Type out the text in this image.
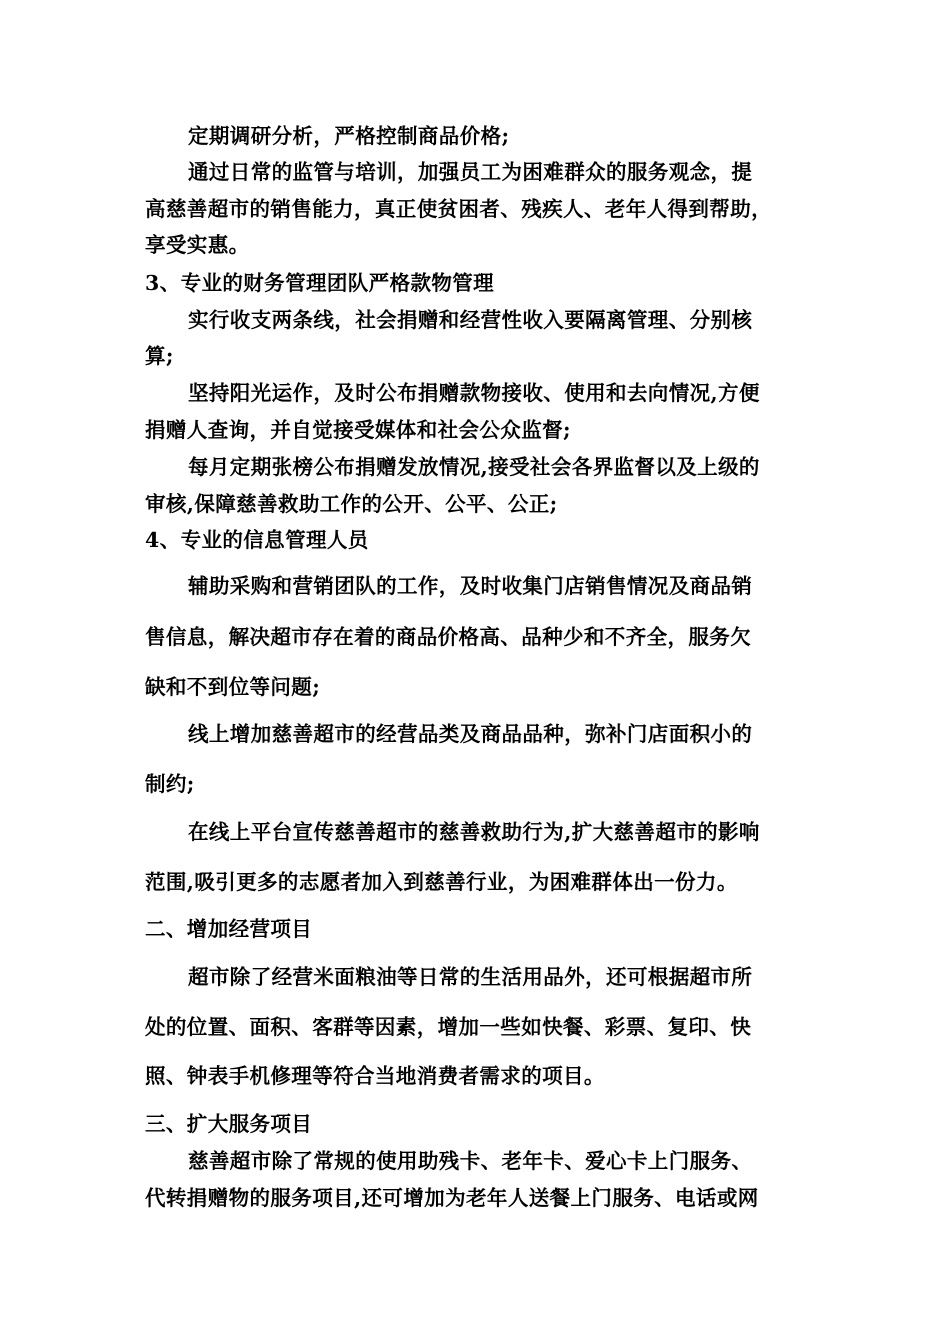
定期调研分析，严格控制商品价格;

通过日常的监管与培训，加强员工为困难群众的服务观念，提

高慈善超市的销售能力，真正使贫困者、残疾人、老年人得到帮助，

享受实惠。

3、专业的财务管理团队严格款物管理

实行收支两条线，社会捐赠和经营性收入要隔离管理、分别核

算;

坚持阳光运作，及时公布捐赠款物接收、使用和去向情况,方便

捐赠人查询，并自觉接受媒体和社会公众监督;

每月定期张榜公布捐赠发放情况,接受社会各界监督以及上级的

审核,保障慈善救助工作的公开、公平、公正;

4、专业的信息管理人员

辅助采购和营销团队的工作，及时收集门店销售情况及商品销

售信息，解决超市存在着的商品价格高、品种少和不齐全，服务欠

缺和不到位等问题;

线上增加慈善超市的经营品类及商品品种，弥补门店面积小的

制约;

在线上平台宣传慈善超市的慈善救助行为,扩大慈善超市的影响

范围,吸引更多的志愿者加入到慈善行业，为困难群体出一份力。

二、增加经营项目

超市除了经营米面粮油等日常的生活用品外，还可根据超市所

处的位置、面积、客群等因素，增加一些如快餐、彩票、复印、快

照、钟表手机修理等符合当地消费者需求的项目。

三、扩大服务项目

慈善超市除了常规的使用助残卡、老年卡、爱心卡上门服务、

代转捐赠物的服务项目,还可增加为老年人送餐上门服务、电话或网
